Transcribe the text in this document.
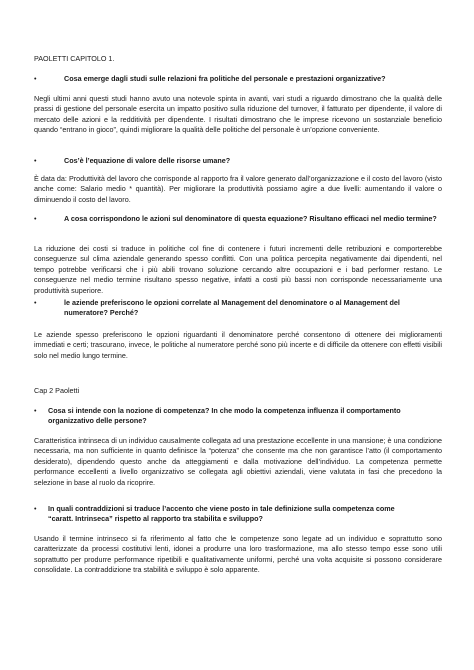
PAOLETTI CAPITOLO 1.
•	Cosa emerge dagli studi sulle relazioni fra politiche del personale e prestazioni organizzative?

Negli ultimi anni questi studi hanno avuto una notevole spinta in avanti, vari studi a riguardo dimostrano che la qualità delle prassi di gestione del personale esercita un impatto positivo sulla riduzione del turnover, il fatturato per dipendente, il valore di mercato delle azioni e la redditività per dipendente. I risultati dimostrano che le imprese ricevono un sostanziale beneficio quando “entrano in gioco”, quindi migliorare la qualità delle politiche del personale è un’opzione conveniente.

•	Cos’è l’equazione di valore delle risorse umane?

È data da: Produttività del lavoro che corrisponde al rapporto fra il valore generato dall’organizzazione e il costo del lavoro (visto anche come: Salario medio * quantità). Per migliorare la produttività possiamo agire a due livelli: aumentando il valore o diminuendo il costo del lavoro.

•	A cosa corrispondono le azioni sul denominatore di questa equazione? Risultano efficaci nel medio termine?

La riduzione dei costi si traduce in politiche col fine di contenere i futuri incrementi delle retribuzioni e comporterebbe conseguenze sul clima aziendale generando spesso conflitti. Con una politica percepita negativamente dai dipendenti, nel tempo potrebbe verificarsi che i più abili trovano soluzione cercando altre occupazioni e i bad performer restano. Le conseguenze nel medio termine risultano spesso negative, infatti a costi più bassi non corrisponde necessariamente una produttività superiore.

•	le aziende preferiscono le opzioni correlate al Management del denominatore o al Management del numeratore? Perché?

Le aziende spesso preferiscono le opzioni riguardanti il denominatore perché consentono di ottenere dei miglioramenti immediati e certi; trascurano, invece, le politiche al numeratore perché sono più incerte e di difficile da ottenere con effetti visibili solo nel medio lungo termine.

Cap 2 Paoletti
•	Cosa si intende con la nozione di competenza? In che modo la competenza influenza il comportamento organizzativo delle persone?

Caratteristica intrinseca di un individuo causalmente collegata ad una prestazione eccellente in una mansione; è una condizione necessaria, ma non sufficiente in quanto definisce la “potenza” che consente ma che non garantisce l’atto (il comportamento desiderato), dipendendo questo anche da atteggiamenti e dalla motivazione dell’individuo. La competenza permette performance eccellenti a livello organizzativo se collegata agli obiettivi aziendali, viene valutata in fasi che precedono la selezione in base al ruolo da ricoprire.

•	In quali contraddizioni si traduce l’accento che viene posto in tale definizione sulla competenza come “caratt. Intrinseca” rispetto al rapporto tra stabilita e sviluppo?

Usando il termine intrinseco si fa riferimento al fatto che le competenze sono legate ad un individuo e soprattutto sono caratterizzate da processi costitutivi lenti, idonei a produrre una loro trasformazione, ma allo stesso tempo esse sono utili soprattutto per produrre performance ripetibili e qualitativamente uniformi, perché una volta acquisite si possono considerare consolidate. La contraddizione tra stabilità e sviluppo è solo apparente.
